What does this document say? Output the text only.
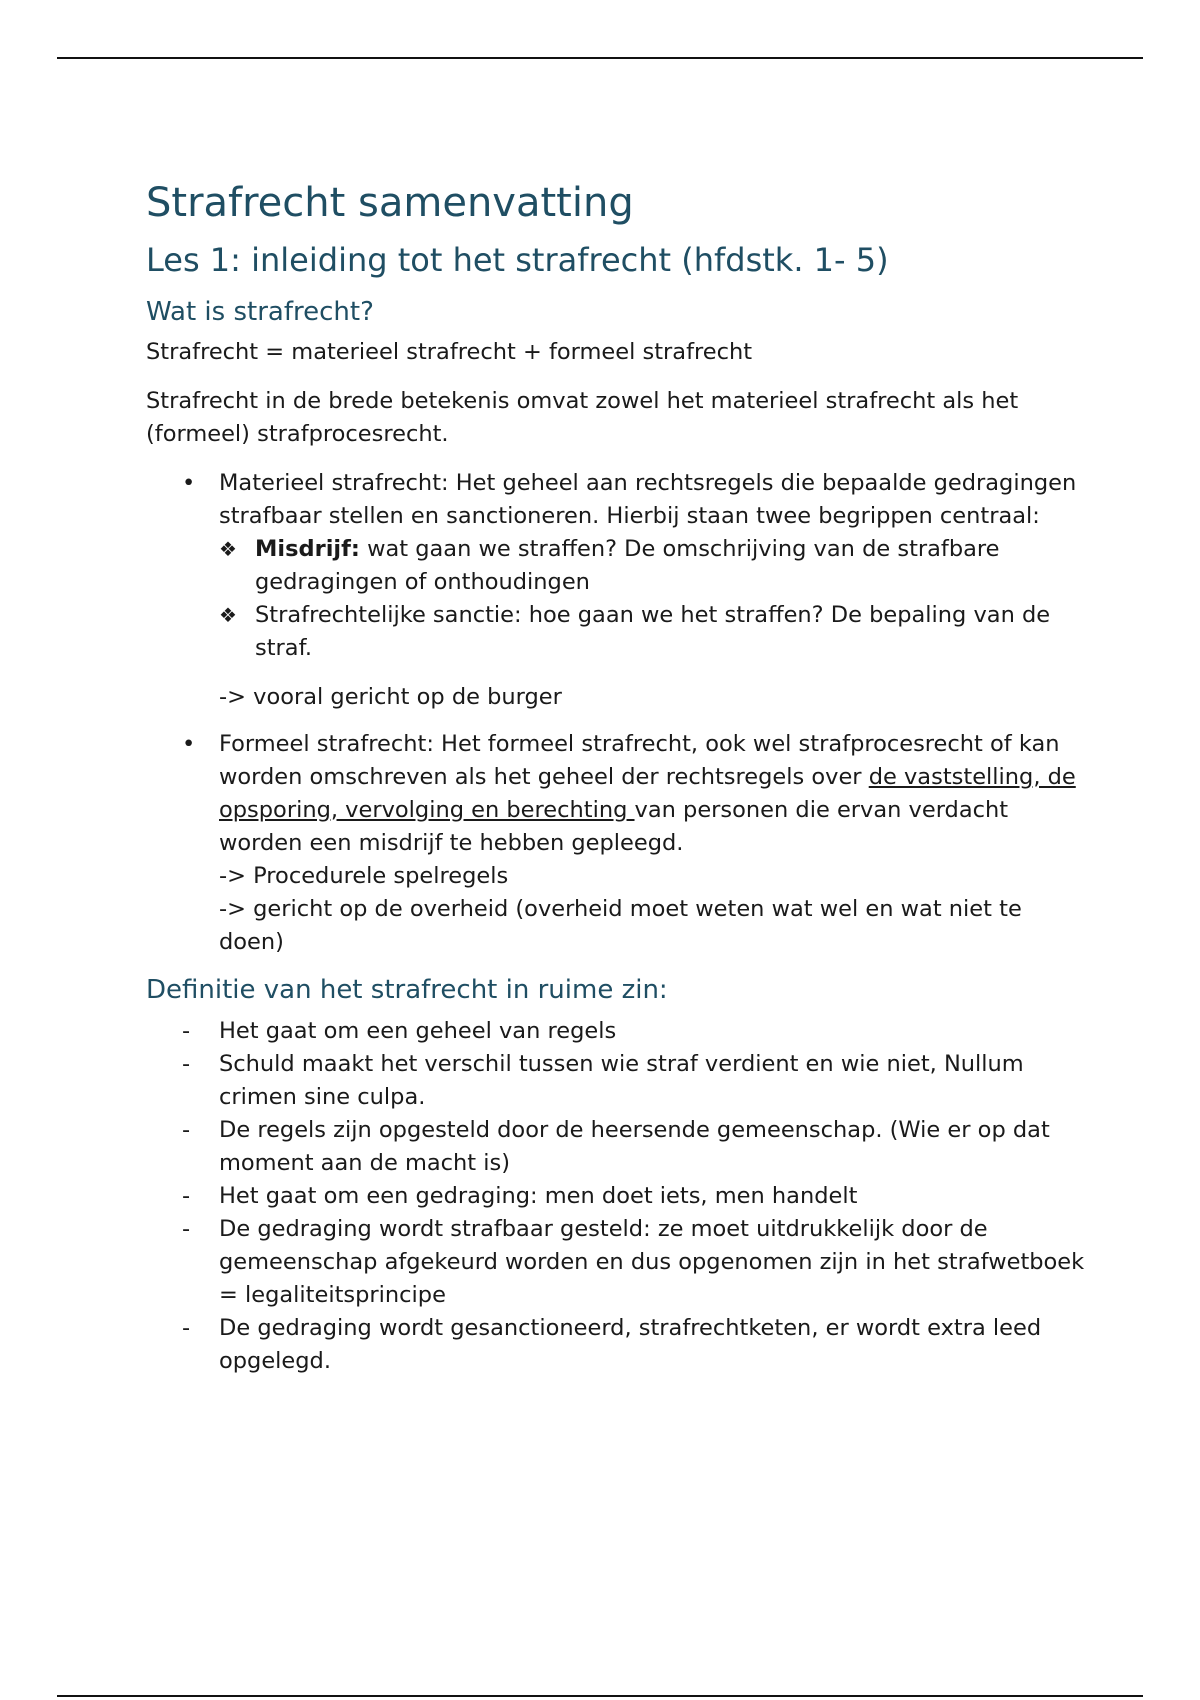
Strafrecht samenvatting
Les 1: inleiding tot het strafrecht (hfdstk. 1- 5)
Wat is strafrecht?

Strafrecht = materieel strafrecht + formeel strafrecht

Strafrecht in de brede betekenis omvat zowel het materieel strafrecht als het (formeel) strafprocesrecht.

• Materieel strafrecht: Het geheel aan rechtsregels die bepaalde gedragingen strafbaar stellen en sanctioneren. Hierbij staan twee begrippen centraal:
❖ Misdrijf: wat gaan we straffen? De omschrijving van de strafbare gedragingen of onthoudingen
❖ Strafrechtelijke sanctie: hoe gaan we het straffen? De bepaling van de straf.
-> vooral gericht op de burger
• Formeel strafrecht: Het formeel strafrecht, ook wel strafprocesrecht of kan worden omschreven als het geheel der rechtsregels over de vaststelling, de opsporing, vervolging en berechting van personen die ervan verdacht worden een misdrijf te hebben gepleegd.
-> Procedurele spelregels
-> gericht op de overheid (overheid moet weten wat wel en wat niet te doen)
Definitie van het strafrecht in ruime zin:
- Het gaat om een geheel van regels
- Schuld maakt het verschil tussen wie straf verdient en wie niet, Nullum crimen sine culpa.
- De regels zijn opgesteld door de heersende gemeenschap. (Wie er op dat moment aan de macht is)
- Het gaat om een gedraging: men doet iets, men handelt
- De gedraging wordt strafbaar gesteld: ze moet uitdrukkelijk door de gemeenschap afgekeurd worden en dus opgenomen zijn in het strafwetboek = legaliteitsprincipe
- De gedraging wordt gesanctioneerd, strafrechtketen, er wordt extra leed opgelegd.
